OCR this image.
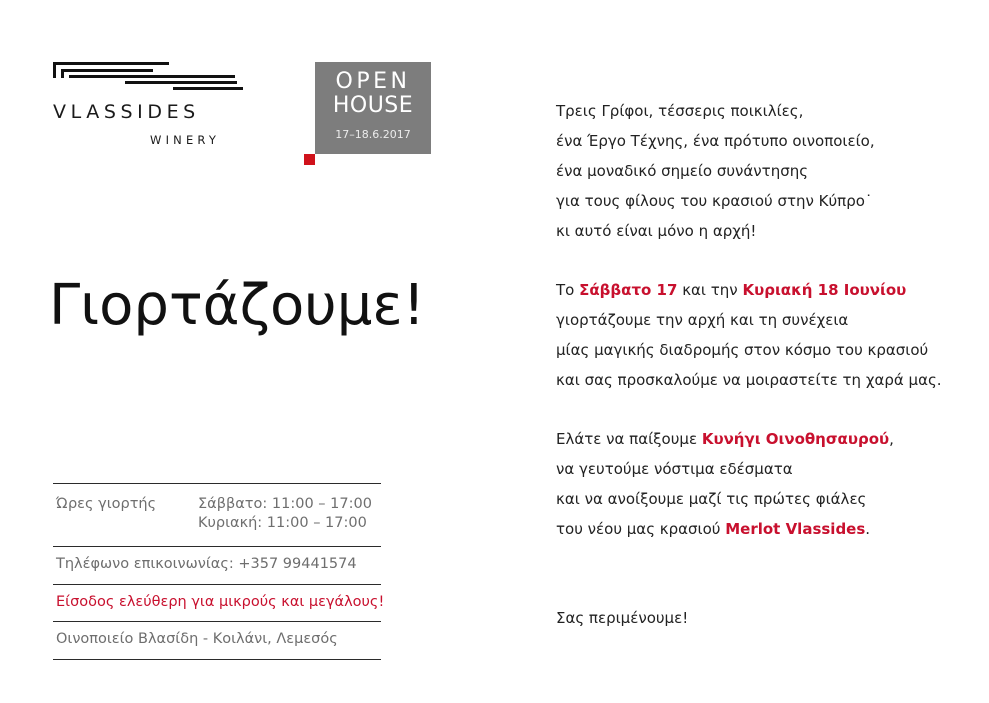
VLASSIDES
WINERY
OPEN
HOUSE
17–18.6.2017
Γιορτάζουμε!
Ώρες γιορτής	Σάββατο: 11:00 – 17:00
Κυριακή: 11:00 – 17:00
Τηλέφωνο επικοινωνίας: +357 99441574
Είσοδος ελεύθερη για μικρούς και μεγάλους!
Οινοποιείο Βλασίδη - Κοιλάνι, Λεμεσός

Τρεις Γρίφοι, τέσσερις ποικιλίες,
ένα Έργο Τέχνης, ένα πρότυπο οινοποιείο,
ένα μοναδικό σημείο συνάντησης
για τους φίλους του κρασιού στην Κύπρο˙
κι αυτό είναι μόνο η αρχή!

Το Σάββατο 17 και την Κυριακή 18 Ιουνίου
γιορτάζουμε την αρχή και τη συνέχεια
μίας μαγικής διαδρομής στον κόσμο του κρασιού
και σας προσκαλούμε να μοιραστείτε τη χαρά μας.

Ελάτε να παίξουμε Κυνήγι Οινοθησαυρού,
να γευτούμε νόστιμα εδέσματα
και να ανοίξουμε μαζί τις πρώτες φιάλες
του νέου μας κρασιού Merlot Vlassides.

Σας περιμένουμε!
